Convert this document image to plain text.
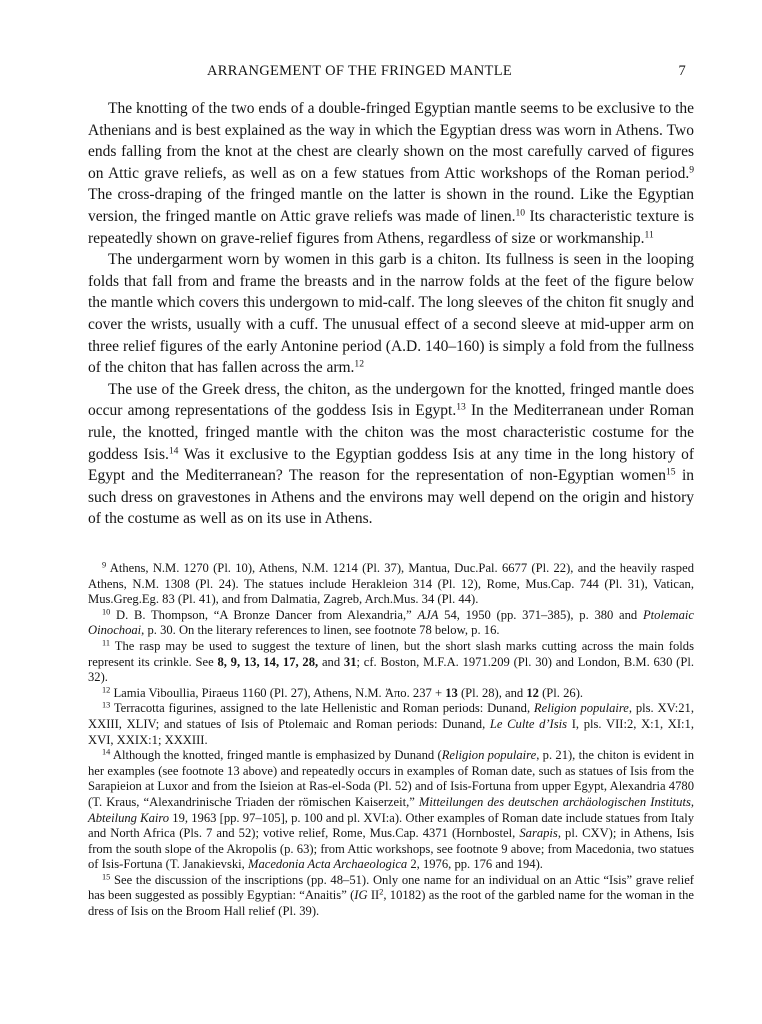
ARRANGEMENT OF THE FRINGED MANTLE	7

The knotting of the two ends of a double-fringed Egyptian mantle seems to be exclusive to the Athenians and is best explained as the way in which the Egyptian dress was worn in Athens. Two ends falling from the knot at the chest are clearly shown on the most carefully carved of figures on Attic grave reliefs, as well as on a few statues from Attic workshops of the Roman period.$^9$ The cross-draping of the fringed mantle on the latter is shown in the round. Like the Egyptian version, the fringed mantle on Attic grave reliefs was made of linen.$^{10}$ Its characteristic texture is repeatedly shown on grave-relief figures from Athens, regardless of size or workmanship.$^{11}$

The undergarment worn by women in this garb is a chiton. Its fullness is seen in the looping folds that fall from and frame the breasts and in the narrow folds at the feet of the figure below the mantle which covers this undergown to mid-calf. The long sleeves of the chiton fit snugly and cover the wrists, usually with a cuff. The unusual effect of a second sleeve at mid-upper arm on three relief figures of the early Antonine period (A.D. 140–160) is simply a fold from the fullness of the chiton that has fallen across the arm.$^{12}$

The use of the Greek dress, the chiton, as the undergown for the knotted, fringed mantle does occur among representations of the goddess Isis in Egypt.$^{13}$ In the Mediterranean under Roman rule, the knotted, fringed mantle with the chiton was the most characteristic costume for the goddess Isis.$^{14}$ Was it exclusive to the Egyptian goddess Isis at any time in the long history of Egypt and the Mediterranean? The reason for the representation of non-Egyptian women$^{15}$ in such dress on gravestones in Athens and the environs may well depend on the origin and history of the costume as well as on its use in Athens.

$^9$ Athens, N.M. 1270 (Pl. 10), Athens, N.M. 1214 (Pl. 37), Mantua, Duc.Pal. 6677 (Pl. 22), and the heavily rasped Athens, N.M. 1308 (Pl. 24). The statues include Herakleion 314 (Pl. 12), Rome, Mus.Cap. 744 (Pl. 31), Vatican, Mus.Greg.Eg. 83 (Pl. 41), and from Dalmatia, Zagreb, Arch.Mus. 34 (Pl. 44).

$^{10}$ D. B. Thompson, “A Bronze Dancer from Alexandria,” AJA 54, 1950 (pp. 371–385), p. 380 and Ptolemaic Oinochoai, p. 30. On the literary references to linen, see footnote 78 below, p. 16.

$^{11}$ The rasp may be used to suggest the texture of linen, but the short slash marks cutting across the main folds represent its crinkle. See 8, 9, 13, 14, 17, 28, and 31; cf. Boston, M.F.A. 1971.209 (Pl. 30) and London, B.M. 630 (Pl. 32).

$^{12}$ Lamia Viboullia, Piraeus 1160 (Pl. 27), Athens, N.M. Ἀπο. 237 + 13 (Pl. 28), and 12 (Pl. 26).

$^{13}$ Terracotta figurines, assigned to the late Hellenistic and Roman periods: Dunand, Religion populaire, pls. XV:21, XXIII, XLIV; and statues of Isis of Ptolemaic and Roman periods: Dunand, Le Culte d’Isis I, pls. VII:2, X:1, XI:1, XVI, XXIX:1; XXXIII.

$^{14}$ Although the knotted, fringed mantle is emphasized by Dunand (Religion populaire, p. 21), the chiton is evident in her examples (see footnote 13 above) and repeatedly occurs in examples of Roman date, such as statues of Isis from the Sarapieion at Luxor and from the Isieion at Ras-el-Soda (Pl. 52) and of Isis-Fortuna from upper Egypt, Alexandria 4780 (T. Kraus, “Alexandrinische Triaden der römischen Kaiserzeit,” Mitteilungen des deutschen archäologischen Instituts, Abteilung Kairo 19, 1963 [pp. 97–105], p. 100 and pl. XVI:a). Other examples of Roman date include statues from Italy and North Africa (Pls. 7 and 52); votive relief, Rome, Mus.Cap. 4371 (Hornbostel, Sarapis, pl. CXV); in Athens, Isis from the south slope of the Akropolis (p. 63); from Attic workshops, see footnote 9 above; from Macedonia, two statues of Isis-Fortuna (T. Janakievski, Macedonia Acta Archaeologica 2, 1976, pp. 176 and 194).

$^{15}$ See the discussion of the inscriptions (pp. 48–51). Only one name for an individual on an Attic “Isis” grave relief has been suggested as possibly Egyptian: “Anaitis” (IG $II^2$, 10182) as the root of the garbled name for the woman in the dress of Isis on the Broom Hall relief (Pl. 39).
